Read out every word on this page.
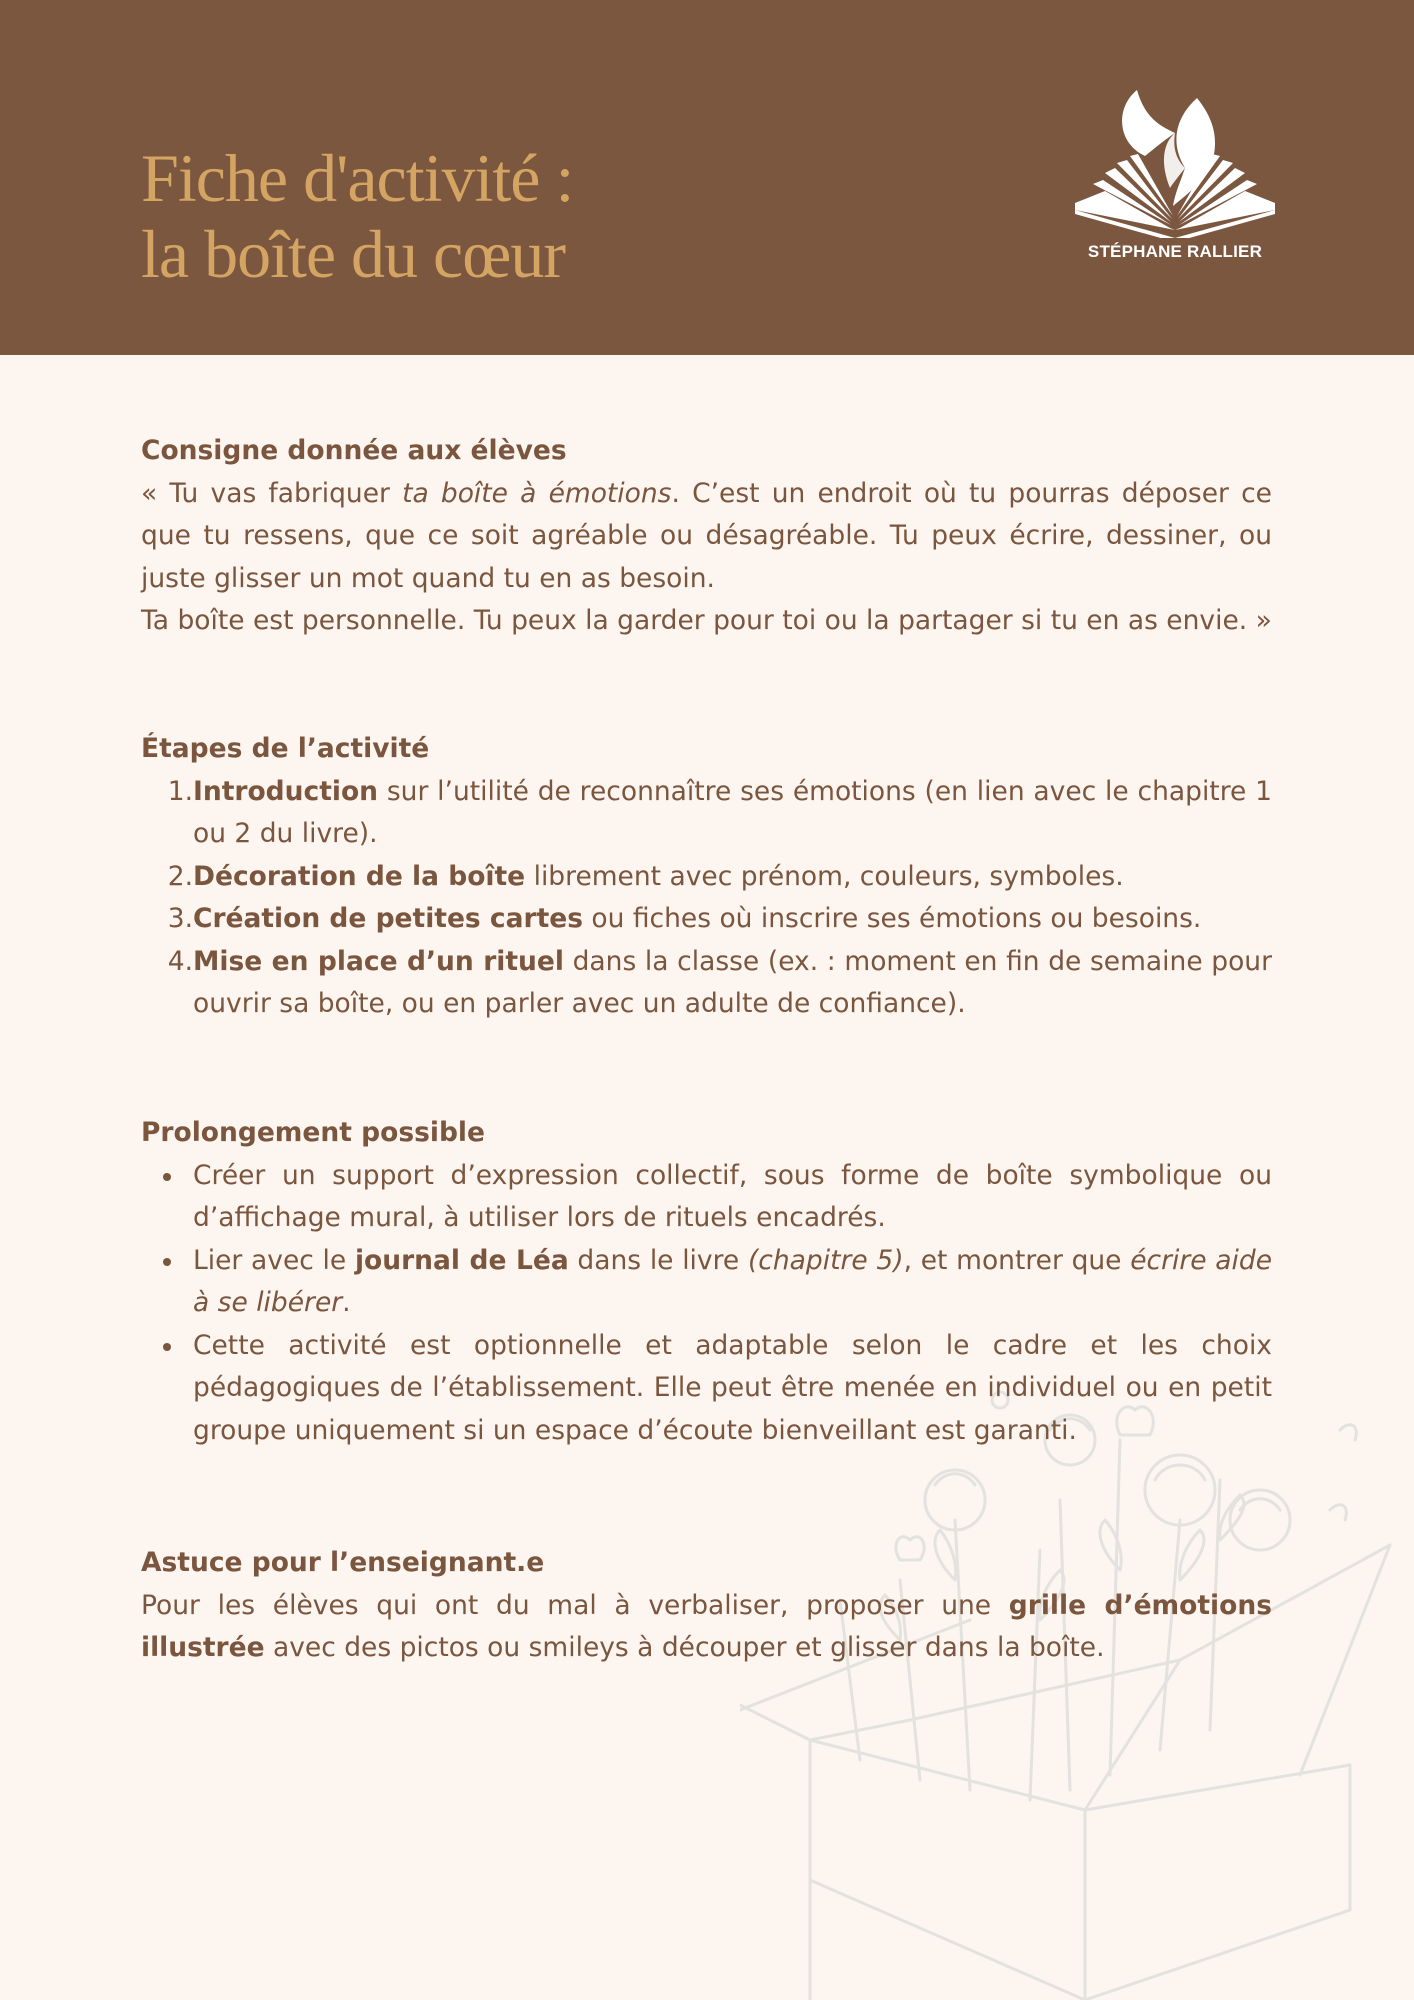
Fiche d'activité :
la boîte du cœur	STÉPHANE RALLIER
Consigne donnée aux élèves

« Tu vas fabriquer ta boîte à émotions. C’est un endroit où tu pourras déposer ce que tu ressens, que ce soit agréable ou désagréable. Tu peux écrire, dessiner, ou juste glisser un mot quand tu en as besoin.

Ta boîte est personnelle. Tu peux la garder pour toi ou la partager si tu en as envie. »

Étapes de l’activité
1. Introduction sur l’utilité de reconnaître ses émotions (en lien avec le chapitre 1 ou 2 du livre).
2. Décoration de la boîte librement avec prénom, couleurs, symboles.
3. Création de petites cartes ou fiches où inscrire ses émotions ou besoins.
4. Mise en place d’un rituel dans la classe (ex. : moment en fin de semaine pour ouvrir sa boîte, ou en parler avec un adulte de confiance).
Prolongement possible
Créer un support d’expression collectif, sous forme de boîte symbolique ou d’affichage mural, à utiliser lors de rituels encadrés.
Lier avec le journal de Léa dans le livre (chapitre 5), et montrer que écrire aide à se libérer.
Cette activité est optionnelle et adaptable selon le cadre et les choix pédagogiques de l’établissement. Elle peut être menée en individuel ou en petit groupe uniquement si un espace d’écoute bienveillant est garanti.
Astuce pour l’enseignant.e
Pour les élèves qui ont du mal à verbaliser, proposer une grille d’émotions illustrée avec des pictos ou smileys à découper et glisser dans la boîte.
